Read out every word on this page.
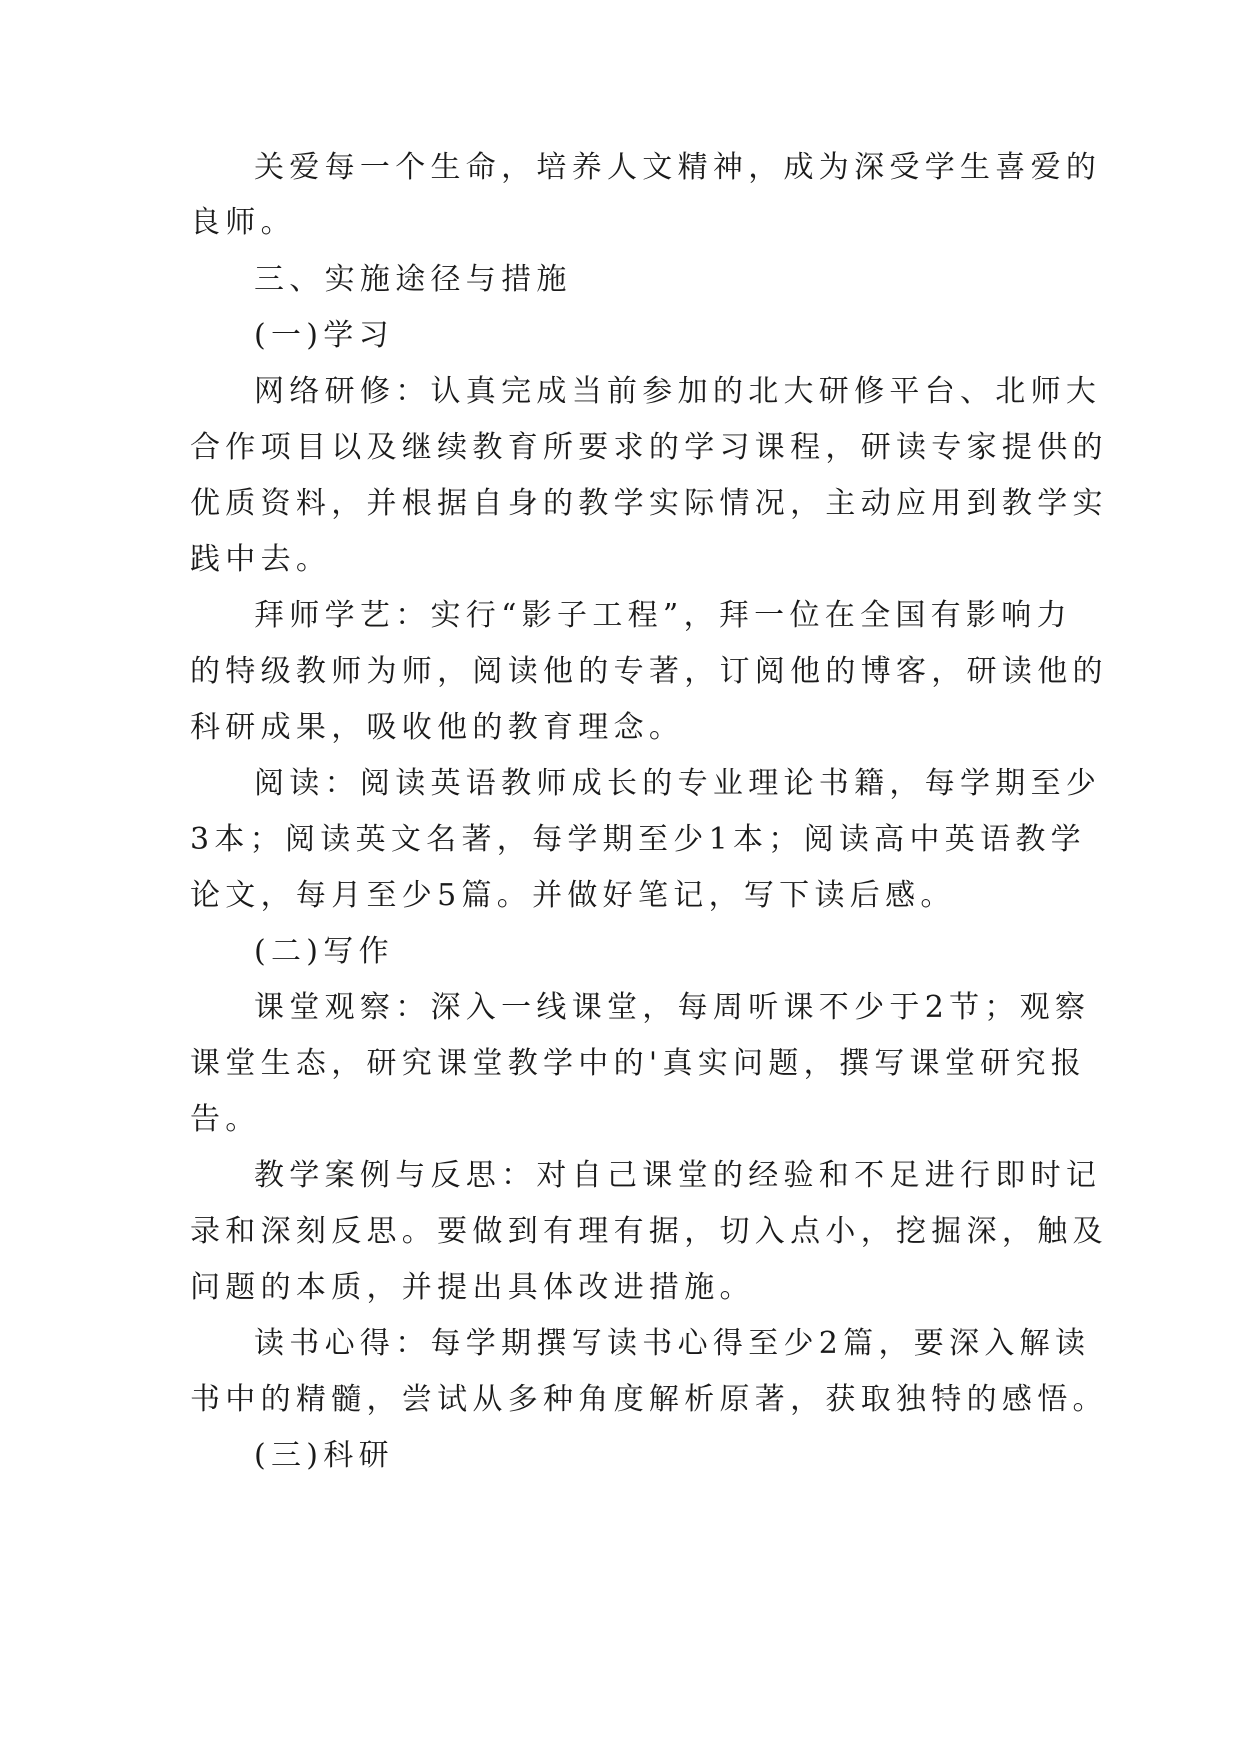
关爱每一个生命，培养人文精神，成为深受学生喜爱的
良师。
三、实施途径与措施
(一)学习
网络研修：认真完成当前参加的北大研修平台、北师大
合作项目以及继续教育所要求的学习课程，研读专家提供的
优质资料，并根据自身的教学实际情况，主动应用到教学实
践中去。
拜师学艺：实行“影子工程”，拜一位在全国有影响力
的特级教师为师，阅读他的专著，订阅他的博客，研读他的
科研成果，吸收他的教育理念。
阅读：阅读英语教师成长的专业理论书籍，每学期至少
3本；阅读英文名著，每学期至少1本；阅读高中英语教学
论文，每月至少5篇。并做好笔记，写下读后感。
(二)写作
课堂观察：深入一线课堂，每周听课不少于2节；观察
课堂生态，研究课堂教学中的'真实问题，撰写课堂研究报
告。
教学案例与反思：对自己课堂的经验和不足进行即时记
录和深刻反思。要做到有理有据，切入点小，挖掘深，触及
问题的本质，并提出具体改进措施。
读书心得：每学期撰写读书心得至少2篇，要深入解读
书中的精髓，尝试从多种角度解析原著，获取独特的感悟。
(三)科研
